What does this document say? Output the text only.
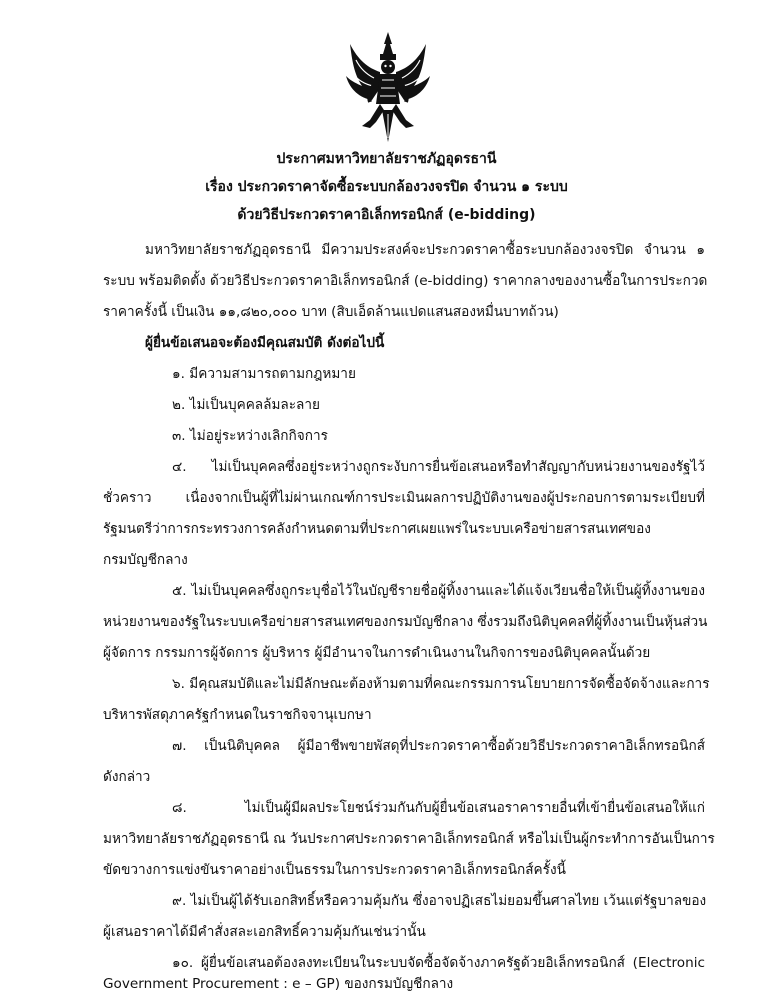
ประกาศมหาวิทยาลัยราชภัฏอุดรธานี
เรื่อง ประกวดราคาจัดซื้อระบบกล้องวงจรปิด จำนวน ๑ ระบบ
ด้วยวิธีประกวดราคาอิเล็กทรอนิกส์ (e-bidding)
มหาวิทยาลัยราชภัฏอุดรธานี มีความประสงค์จะประกวดราคาซื้อระบบกล้องวงจรปิด จำนวน ๑
ระบบ พร้อมติดตั้ง ด้วยวิธีประกวดราคาอิเล็กทรอนิกส์ (e-bidding) ราคากลางของงานซื้อในการประกวด
ราคาครั้งนี้ เป็นเงิน ๑๑,๘๒๐,๐๐๐ บาท (สิบเอ็ดล้านแปดแสนสองหมื่นบาทถ้วน)
ผู้ยื่นข้อเสนอจะต้องมีคุณสมบัติ ดังต่อไปนี้
๑. มีความสามารถตามกฎหมาย
๒. ไม่เป็นบุคคลล้มละลาย
๓. ไม่อยู่ระหว่างเลิกกิจการ
๔. ไม่เป็นบุคคลซึ่งอยู่ระหว่างถูกระงับการยื่นข้อเสนอหรือทำสัญญากับหน่วยงานของรัฐไว้
ชั่วคราว เนื่องจากเป็นผู้ที่ไม่ผ่านเกณฑ์การประเมินผลการปฏิบัติงานของผู้ประกอบการตามระเบียบที่
รัฐมนตรีว่าการกระทรวงการคลังกำหนดตามที่ประกาศเผยแพร่ในระบบเครือข่ายสารสนเทศของ
กรมบัญชีกลาง
๕. ไม่เป็นบุคคลซึ่งถูกระบุชื่อไว้ในบัญชีรายชื่อผู้ทิ้งงานและได้แจ้งเวียนชื่อให้เป็นผู้ทิ้งงานของ
หน่วยงานของรัฐในระบบเครือข่ายสารสนเทศของกรมบัญชีกลาง ซึ่งรวมถึงนิติบุคคลที่ผู้ทิ้งงานเป็นหุ้นส่วน
ผู้จัดการ กรรมการผู้จัดการ ผู้บริหาร ผู้มีอำนาจในการดำเนินงานในกิจการของนิติบุคคลนั้นด้วย
๖. มีคุณสมบัติและไม่มีลักษณะต้องห้ามตามที่คณะกรรมการนโยบายการจัดซื้อจัดจ้างและการ
บริหารพัสดุภาครัฐกำหนดในราชกิจจานุเบกษา
๗. เป็นนิติบุคคล ผู้มีอาชีพขายพัสดุที่ประกวดราคาซื้อด้วยวิธีประกวดราคาอิเล็กทรอนิกส์
ดังกล่าว
๘. ไม่เป็นผู้มีผลประโยชน์ร่วมกันกับผู้ยื่นข้อเสนอราคารายอื่นที่เข้ายื่นข้อเสนอให้แก่
มหาวิทยาลัยราชภัฏอุดรธานี ณ วันประกาศประกวดราคาอิเล็กทรอนิกส์ หรือไม่เป็นผู้กระทำการอันเป็นการ
ขัดขวางการแข่งขันราคาอย่างเป็นธรรมในการประกวดราคาอิเล็กทรอนิกส์ครั้งนี้
๙. ไม่เป็นผู้ได้รับเอกสิทธิ์หรือความคุ้มกัน ซึ่งอาจปฏิเสธไม่ยอมขึ้นศาลไทย เว้นแต่รัฐบาลของ
ผู้เสนอราคาได้มีคำสั่งสละเอกสิทธิ์ความคุ้มกันเช่นว่านั้น
๑๐. ผู้ยื่นข้อเสนอต้องลงทะเบียนในระบบจัดซื้อจัดจ้างภาครัฐด้วยอิเล็กทรอนิกส์ (Electronic
Government Procurement : e – GP) ของกรมบัญชีกลาง
